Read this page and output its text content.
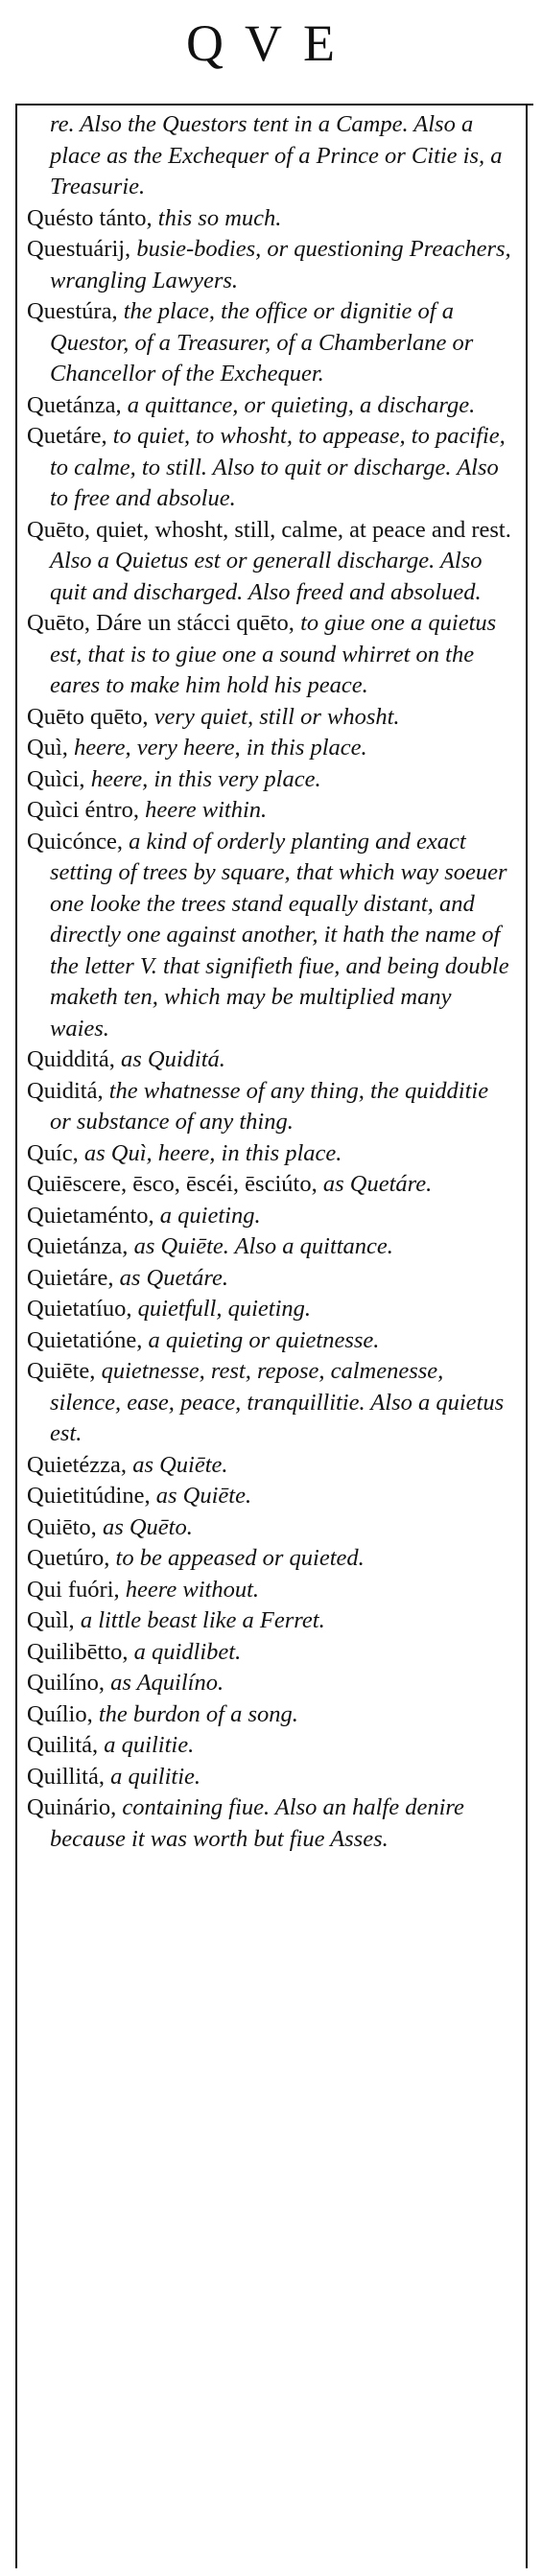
QVE

re. Also the Questors tent in a Campe. Also a place as the Exchequer of a Prince or Citie is, a Treasurie.

Quésto tánto, this so much.

Questuárij, busie-bodies, or questioning Preachers, wrangling Lawyers.

Questúra, the place, the office or dignitie of a Questor, of a Treasurer, of a Chamberlane or Chancellor of the Exchequer.

Quetánza, a quittance, or quieting, a discharge.

Quetáre, to quiet, to whosht, to appease, to pacifie, to calme, to still. Also to quit or discharge. Also to free and absolue.

Quēto, quiet, whosht, still, calme, at peace and rest. Also a Quietus est or generall discharge. Also quit and discharged. Also freed and absolued.

Quēto, Dáre un stácci quēto, to giue one a quietus est, that is to giue one a sound whirret on the eares to make him hold his peace.

Quēto quēto, very quiet, still or whosht.

Quì, heere, very heere, in this place.

Quìci, heere, in this very place.

Quìci éntro, heere within.

Quicónce, a kind of orderly planting and exact setting of trees by square, that which way soeuer one looke the trees stand equally distant, and directly one against another, it hath the name of the letter V. that signifieth fiue, and being double maketh ten, which may be multiplied many waies.

Quidditá, as Quiditá.

Quiditá, the whatnesse of any thing, the quidditie or substance of any thing.

Quíc, as Quì, heere, in this place.

Quiēscere, ēsco, ēscéi, ēsciúto, as Quetáre.

Quietaménto, a quieting.

Quietánza, as Quiēte. Also a quittance.

Quietáre, as Quetáre.

Quietatíuo, quietfull, quieting.

Quietatióne, a quieting or quietnesse.

Quiēte, quietnesse, rest, repose, calmenesse, silence, ease, peace, tranquillitie. Also a quietus est.

Quietézza, as Quiēte.

Quietitúdine, as Quiēte.

Quiēto, as Quēto.

Quetúro, to be appeased or quieted.

Qui fuóri, heere without.

Quìl, a little beast like a Ferret.

Quilibētto, a quidlibet.

Quilíno, as Aquilíno.

Quílio, the burdon of a song.

Quilitá, a quilitie.

Quillitá, a quilitie.

Quinário, containing fiue. Also an halfe denire because it was worth but fiue Asses.
